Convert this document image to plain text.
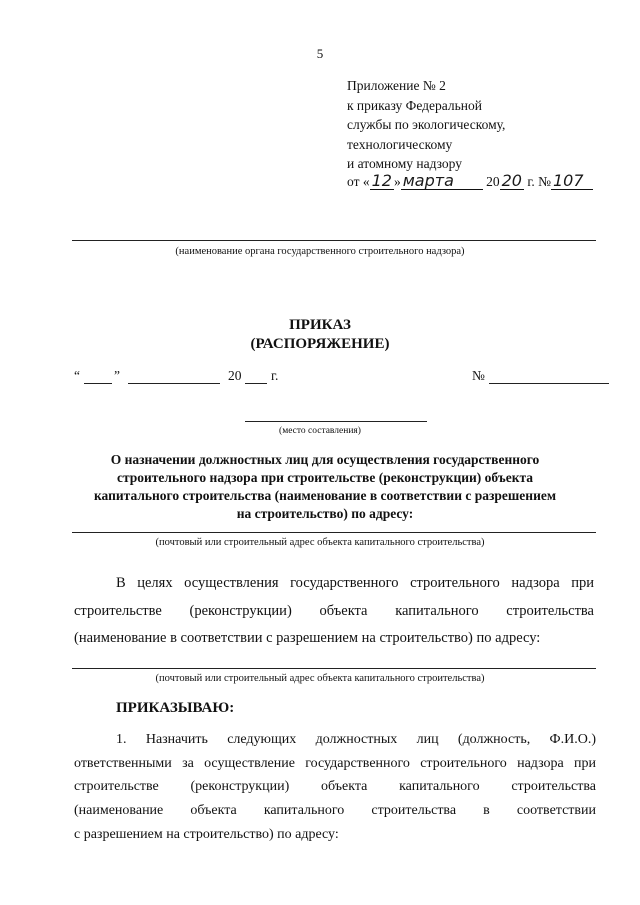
5
Приложение № 2
к приказу Федеральной
службы по экологическому,
технологическому
и атомному надзору
от « 12 » марта 20 20 г. № 107
(наименование органа государственного строительного надзора)
ПРИКАЗ
(РАСПОРЯЖЕНИЕ)
“	”	20 г.	№
(место составления)
О назначении должностных лиц для осуществления государственного
строительного надзора при строительстве (реконструкции) объекта
капитального строительства (наименование в соответствии с разрешением
на строительство) по адресу:
(почтовый или строительный адрес объекта капитального строительства)

В целях осуществления государственного строительного надзора при

строительстве (реконструкции) объекта капитального строительства

(наименование в соответствии с разрешением на строительство) по адресу:

(почтовый или строительный адрес объекта капитального строительства)
ПРИКАЗЫВАЮ:

1. Назначить следующих должностных лиц (должность, Ф.И.О.)

ответственными за осуществление государственного строительного надзора при

строительстве (реконструкции) объекта капитального строительства

(наименование объекта капитального строительства в соответствии

с разрешением на строительство) по адресу:
